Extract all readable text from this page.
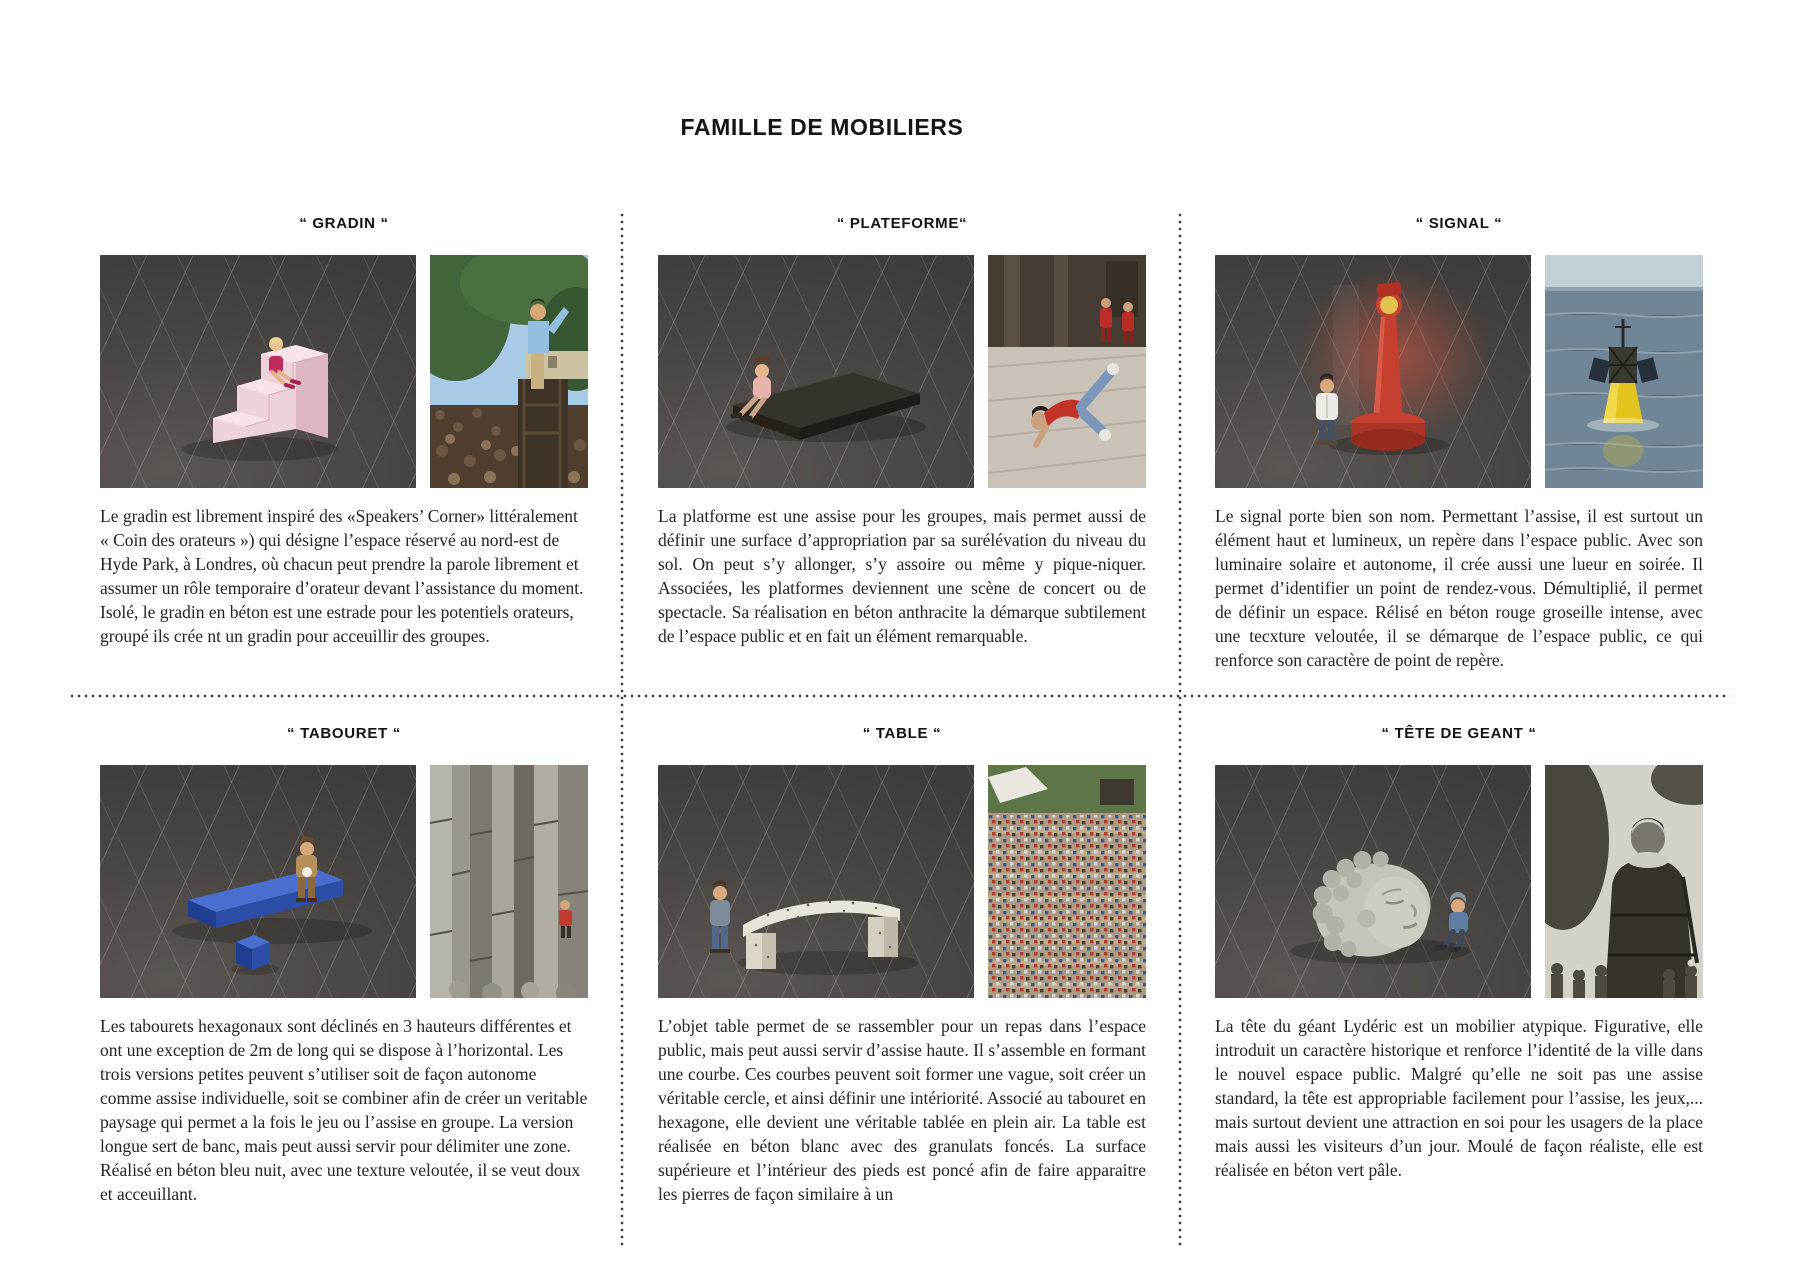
FAMILLE DE MOBILIERS
“ GRADIN “

Le gradin est librement inspiré des «Speakers’ Corner» littéralement « Coin des orateurs ») qui désigne l’espace réservé au nord-est de Hyde Park, à Londres, où chacun peut prendre la parole librement et assumer un rôle temporaire d’orateur devant l’assistance du moment. Isolé, le gradin en béton est une estrade pour les potentiels orateurs, groupé ils crée nt un gradin pour acceuillir des groupes.

“ PLATEFORME“

La platforme est une assise pour les groupes, mais permet aussi de définir une surface d’appropriation par sa surélévation du niveau du sol. On peut s’y allonger, s’y assoire ou même y pique-niquer. Associées, les platformes deviennent une scène de concert ou de spectacle. Sa réalisation en béton anthracite la démarque subtilement de l’espace public et en fait un élément remarquable.

“ SIGNAL “

Le signal porte bien son nom. Permettant l’assise, il est surtout un élément haut et lumineux, un repère dans l’espace public. Avec son luminaire solaire et autonome, il crée aussi une lueur en soirée. Il permet d’identifier un point de rendez-vous. Démultiplié, il permet de définir un espace. Rélisé en béton rouge groseille intense, avec une tecxture veloutée, il se démarque de l’espace public, ce qui renforce son caractère de point de repère.

“ TABOURET “

Les tabourets hexagonaux sont déclinés en 3 hauteurs différentes et ont une exception de 2m de long qui se dispose à l’horizontal. Les trois versions petites peuvent s’utiliser soit de façon autonome comme assise individuelle, soit se combiner afin de créer un veritable paysage qui permet a la fois le jeu ou l’assise en groupe. La version longue sert de banc, mais peut aussi servir pour délimiter une zone. Réalisé en béton bleu nuit, avec une texture veloutée, il se veut doux et acceuillant.

“ TABLE “

L’objet table permet de se rassembler pour un repas dans l’espace public, mais peut aussi servir d’assise haute. Il s’assemble en formant une courbe. Ces courbes peuvent soit former une vague, soit créer un véritable cercle, et ainsi définir une intériorité. Associé au tabouret en hexagone, elle devient une véritable tablée en plein air. La table est réalisée en béton blanc avec des granulats foncés. La surface supérieure et l’intérieur des pieds est poncé afin de faire apparaitre les pierres de façon similaire à un

“ TÊTE DE GEANT “

La tête du géant Lydéric est un mobilier atypique. Figurative, elle introduit un caractère historique et renforce l’identité de la ville dans le nouvel espace public. Malgré qu’elle ne soit pas une assise standard, la tête est appropriable facilement pour l’assise, les jeux,... mais surtout devient une attraction en soi pour les usagers de la place mais aussi les visiteurs d’un jour. Moulé de façon réaliste, elle est réalisée en béton vert pâle.
